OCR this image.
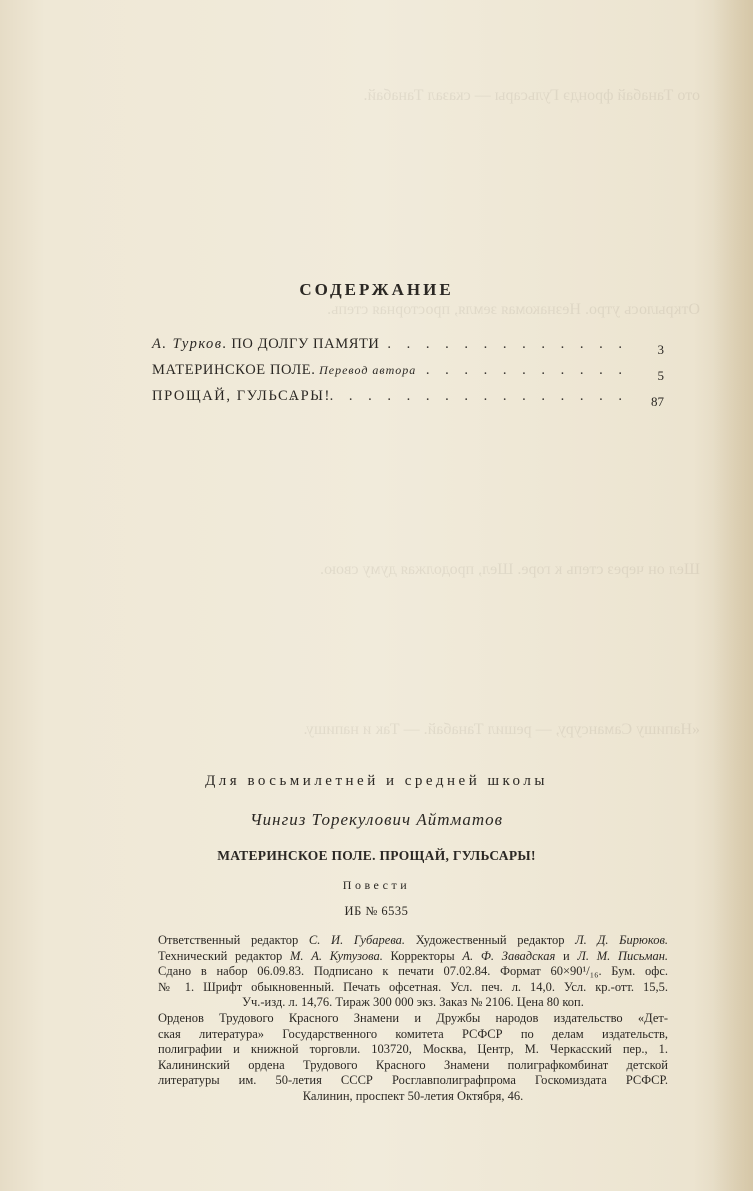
ото Танабай фрондэ Гульсары — сказал Танабай.
Открылось утро. Незнакомая земля, просторная степь.
Шел он через степь к горе. Шел, продолжая думу свою.
«Напишу Самансуру, — решил Танабай. — Так и напишу.
СОДЕРЖАНИЕ
А. Турков. ПО ДОЛГУ ПАМЯТИ
. . . . . . . . . . . . . . 3
МАТЕРИНСКОЕ ПОЛЕ. Перевод автора . . . . . . . . . . . 5
ПРОЩАЙ, ГУЛЬСАРЫ!
. . . . . . . . . . . . . . . . . . 87
Для восьмилетней и средней школы
Чингиз Торекулович Айтматов
МАТЕРИНСКОЕ ПОЛЕ. ПРОЩАЙ, ГУЛЬСАРЫ!
Повести
ИБ № 6535
Ответственный редактор С. И. Губарева. Художественный редактор Л. Д. Бирюков.
Технический редактор М. А. Кутузова. Корректоры А. Ф. Завадская и Л. М. Письман.
Сдано в набор 06.09.83. Подписано к печати 07.02.84. Формат 60×90¹/₁₆. Бум. офс.
№ 1. Шрифт обыкновенный. Печать офсетная. Усл. печ. л. 14,0. Усл. кр.-отт. 15,5.
Уч.-изд. л. 14,76. Тираж 300 000 экз. Заказ № 2106. Цена 80 коп.
Орденов Трудового Красного Знамени и Дружбы народов издательство «Дет-
ская литература» Государственного комитета РСФСР по делам издательств,
полиграфии и книжной торговли. 103720, Москва, Центр, М. Черкасский пер., 1.
Калининский ордена Трудового Красного Знамени полиграфкомбинат детской
литературы им. 50-летия СССР Росглавполиграфпрома Госкомиздата РСФСР.
Калинин, проспект 50-летия Октября, 46.
